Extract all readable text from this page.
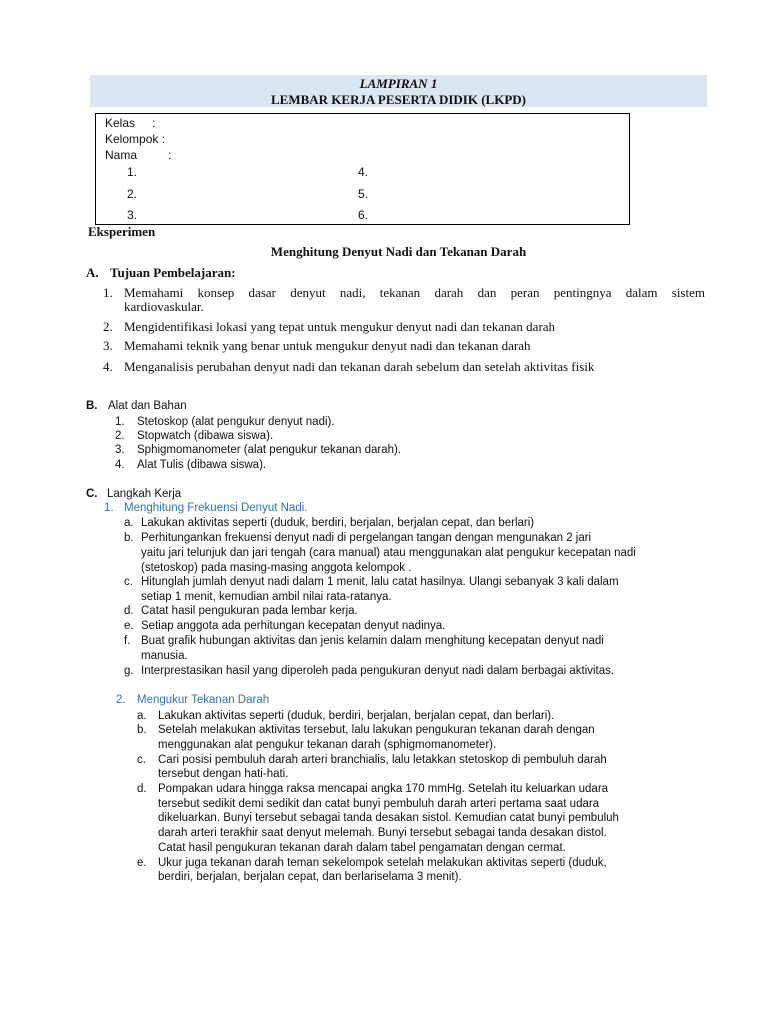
LAMPIRAN 1
LEMBAR KERJA PESERTA DIDIK (LKPD)
Kelas :
Kelompok :
Nama	:
1.
2.
3.
4.
5.
6.
Eksperimen
Menghitung Denyut Nadi dan Tekanan Darah
A. Tujuan Pembelajaran:
1. Memahami konsep dasar denyut nadi, tekanan darah dan peran pentingnya dalam sistem
kardiovaskular.
2. Mengidentifikasi lokasi yang tepat untuk mengukur denyut nadi dan tekanan darah
3. Memahami teknik yang benar untuk mengukur denyut nadi dan tekanan darah
4. Menganalisis perubahan denyut nadi dan tekanan darah sebelum dan setelah aktivitas fisik
B. Alat dan Bahan
1. Stetoskop (alat pengukur denyut nadi).
2. Stopwatch (dibawa siswa).
3. Sphigmomanometer (alat pengukur tekanan darah).
4. Alat Tulis (dibawa siswa).
C. Langkah Kerja
1. Menghitung Frekuensi Denyut Nadi.
a. Lakukan aktivitas seperti (duduk, berdiri, berjalan, berjalan cepat, dan berlari)
b. Perhitungankan frekuensi denyut nadi di pergelangan tangan dengan mengunakan 2 jari
yaitu jari telunjuk dan jari tengah (cara manual) atau menggunakan alat pengukur kecepatan nadi
(stetoskop) pada masing-masing anggota kelompok .
c. Hitunglah jumlah denyut nadi dalam 1 menit, lalu catat hasilnya. Ulangi sebanyak 3 kali dalam
setiap 1 menit, kemudian ambil nilai rata-ratanya.
d. Catat hasil pengukuran pada lembar kerja.
e. Setiap anggota ada perhitungan kecepatan denyut nadinya.
f. Buat grafik hubungan aktivitas dan jenis kelamin dalam menghitung kecepatan denyut nadi
manusia.
g. Interprestasikan hasil yang diperoleh pada pengukuran denyut nadi dalam berbagai aktivitas.
2. Mengukur Tekanan Darah
a. Lakukan aktivitas seperti (duduk, berdiri, berjalan, berjalan cepat, dan berlari).
b. Setelah melakukan aktivitas tersebut, lalu lakukan pengukuran tekanan darah dengan
menggunakan alat pengukur tekanan darah (sphigmomanometer).
c. Cari posisi pembuluh darah arteri branchialis, lalu letakkan stetoskop di pembuluh darah
tersebut dengan hati-hati.
d. Pompakan udara hingga raksa mencapai angka 170 mmHg. Setelah itu keluarkan udara
tersebut sedikit demi sedikit dan catat bunyi pembuluh darah arteri pertama saat udara
dikeluarkan. Bunyi tersebut sebagai tanda desakan sistol. Kemudian catat bunyi pembuluh
darah arteri terakhir saat denyut melemah. Bunyi tersebut sebagai tanda desakan distol.
Catat hasil pengukuran tekanan darah dalam tabel pengamatan dengan cermat.
e. Ukur juga tekanan darah teman sekelompok setelah melakukan aktivitas seperti (duduk,
berdiri, berjalan, berjalan cepat, dan berlariselama 3 menit).
